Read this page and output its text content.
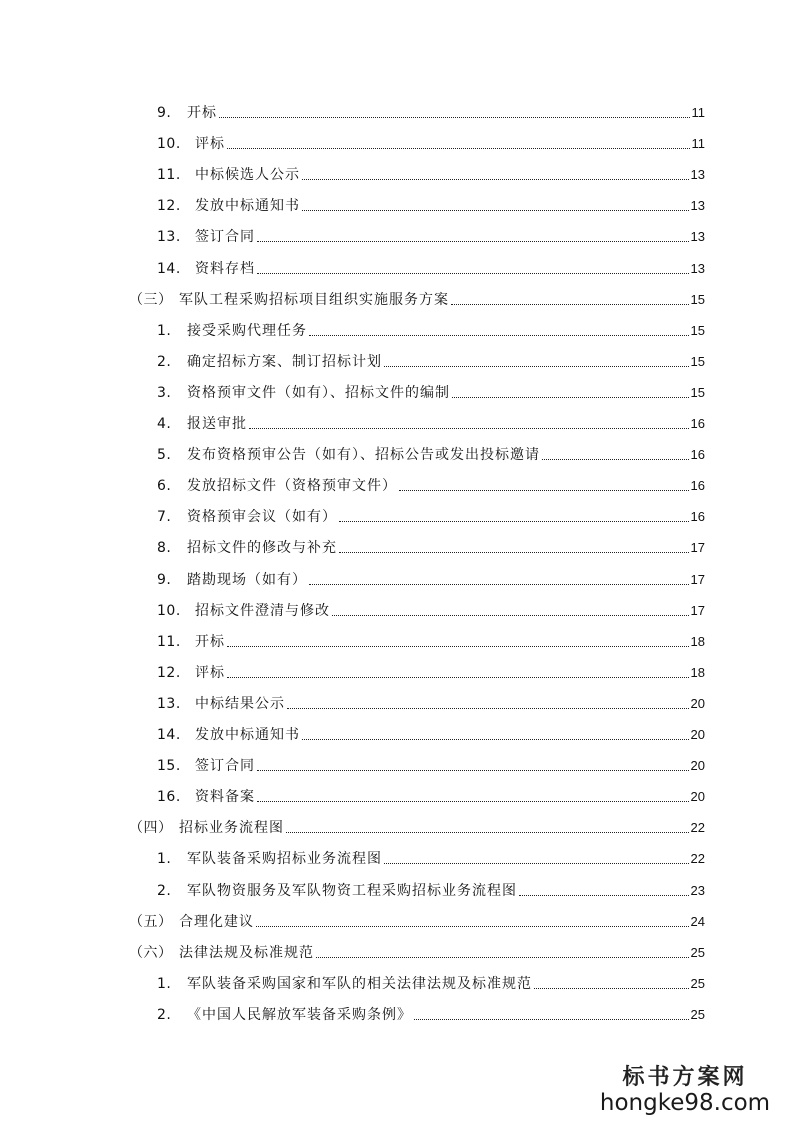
9.	开标	11
10.	评标	11
11.	中标候选人公示	13
12.	发放中标通知书	13
13.	签订合同	13
14.	资料存档	13
（三） 军队工程采购招标项目组织实施服务方案	15
1.	接受采购代理任务	15
2.	确定招标方案、制订招标计划	15
3.	资格预审文件（如有）、招标文件的编制	15
4.	报送审批	16
5.	发布资格预审公告（如有）、招标公告或发出投标邀请	16
6.	发放招标文件（资格预审文件）	16
7.	资格预审会议（如有）	16
8.	招标文件的修改与补充	17
9.	踏勘现场（如有）	17
10.	招标文件澄清与修改	17
11.	开标	18
12.	评标	18
13.	中标结果公示	20
14.	发放中标通知书	20
15.	签订合同	20
16.	资料备案	20
（四） 招标业务流程图	22
1.	军队装备采购招标业务流程图	22
2.	军队物资服务及军队物资工程采购招标业务流程图	23
（五） 合理化建议	24
（六） 法律法规及标准规范	25
1.	军队装备采购国家和军队的相关法律法规及标准规范	25
2.	《中国人民解放军装备采购条例》	25
标书方案网
hongke98.com
